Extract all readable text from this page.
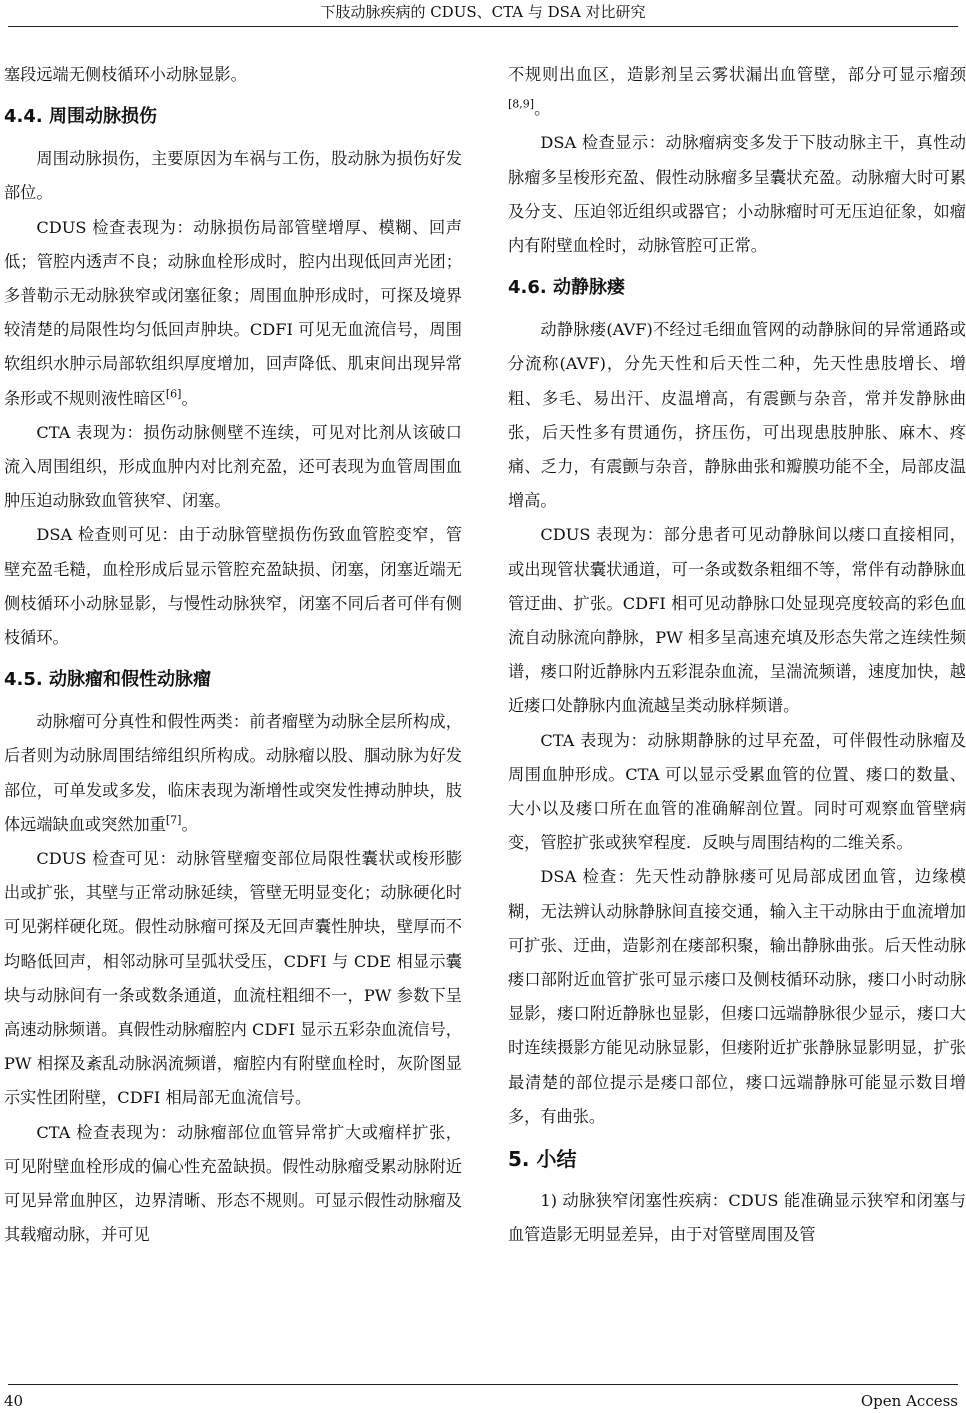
下肢动脉疾病的 CDUS、CTA 与 DSA 对比研究

塞段远端无侧枝循环小动脉显影。

4.4. 周围动脉损伤

周围动脉损伤，主要原因为车祸与工伤，股动脉为损伤好发部位。

CDUS 检查表现为：动脉损伤局部管壁增厚、模糊、回声低；管腔内透声不良；动脉血栓形成时，腔内出现低回声光团；多普勒示无动脉狭窄或闭塞征象；周围血肿形成时，可探及境界较清楚的局限性均匀低回声肿块。CDFI 可见无血流信号，周围软组织水肿示局部软组织厚度增加，回声降低、肌束间出现异常条形或不规则液性暗区[6]。

CTA 表现为：损伤动脉侧壁不连续，可见对比剂从该破口流入周围组织，形成血肿内对比剂充盈，还可表现为血管周围血肿压迫动脉致血管狭窄、闭塞。

DSA 检查则可见：由于动脉管壁损伤伤致血管腔变窄，管壁充盈毛糙，血栓形成后显示管腔充盈缺损、闭塞，闭塞近端无侧枝循环小动脉显影，与慢性动脉狭窄，闭塞不同后者可伴有侧枝循环。

4.5. 动脉瘤和假性动脉瘤

动脉瘤可分真性和假性两类：前者瘤壁为动脉全层所构成，后者则为动脉周围结缔组织所构成。动脉瘤以股、腘动脉为好发部位，可单发或多发，临床表现为渐增性或突发性搏动肿块，肢体远端缺血或突然加重[7]。

CDUS 检查可见：动脉管壁瘤变部位局限性囊状或梭形膨出或扩张，其壁与正常动脉延续，管壁无明显变化；动脉硬化时可见粥样硬化斑。假性动脉瘤可探及无回声囊性肿块，壁厚而不均略低回声，相邻动脉可呈弧状受压，CDFI 与 CDE 相显示囊块与动脉间有一条或数条通道，血流柱粗细不一，PW 参数下呈高速动脉频谱。真假性动脉瘤腔内 CDFI 显示五彩杂血流信号，PW 相探及紊乱动脉涡流频谱，瘤腔内有附壁血栓时，灰阶图显示实性团附壁，CDFI 相局部无血流信号。

CTA 检查表现为：动脉瘤部位血管异常扩大或瘤样扩张，可见附壁血栓形成的偏心性充盈缺损。假性动脉瘤受累动脉附近可见异常血肿区，边界清晰、形态不规则。可显示假性动脉瘤及其载瘤动脉，并可见

不规则出血区，造影剂呈云雾状漏出血管壁，部分可显示瘤颈[8,9]。

DSA 检查显示：动脉瘤病变多发于下肢动脉主干，真性动脉瘤多呈梭形充盈、假性动脉瘤多呈囊状充盈。动脉瘤大时可累及分支、压迫邻近组织或器官；小动脉瘤时可无压迫征象，如瘤内有附壁血栓时，动脉管腔可正常。

4.6. 动静脉瘘

动静脉瘘(AVF)不经过毛细血管网的动静脉间的异常通路或分流称(AVF)，分先天性和后天性二种，先天性患肢增长、增粗、多毛、易出汗、皮温增高，有震颤与杂音，常并发静脉曲张，后天性多有贯通伤，挤压伤，可出现患肢肿胀、麻木、疼痛、乏力，有震颤与杂音，静脉曲张和瓣膜功能不全，局部皮温增高。

CDUS 表现为：部分患者可见动静脉间以瘘口直接相同，或出现管状囊状通道，可一条或数条粗细不等，常伴有动静脉血管迂曲、扩张。CDFI 相可见动静脉口处显现亮度较高的彩色血流自动脉流向静脉，PW 相多呈高速充填及形态失常之连续性频谱，瘘口附近静脉内五彩混杂血流，呈湍流频谱，速度加快，越近瘘口处静脉内血流越呈类动脉样频谱。

CTA 表现为：动脉期静脉的过早充盈，可伴假性动脉瘤及周围血肿形成。CTA 可以显示受累血管的位置、瘘口的数量、大小以及瘘口所在血管的准确解剖位置。同时可观察血管壁病变，管腔扩张或狭窄程度．反映与周围结构的二维关系。

DSA 检查：先天性动静脉瘘可见局部成团血管，边缘模糊，无法辨认动脉静脉间直接交通，输入主干动脉由于血流增加可扩张、迂曲，造影剂在瘘部积聚，输出静脉曲张。后天性动脉瘘口部附近血管扩张可显示瘘口及侧枝循环动脉，瘘口小时动脉显影，瘘口附近静脉也显影，但瘘口远端静脉很少显示，瘘口大时连续摄影方能见动脉显影，但瘘附近扩张静脉显影明显，扩张最清楚的部位提示是瘘口部位，瘘口远端静脉可能显示数目增多，有曲张。

5. 小结

1) 动脉狭窄闭塞性疾病：CDUS 能准确显示狭窄和闭塞与血管造影无明显差异，由于对管壁周围及管

40	Open Access
